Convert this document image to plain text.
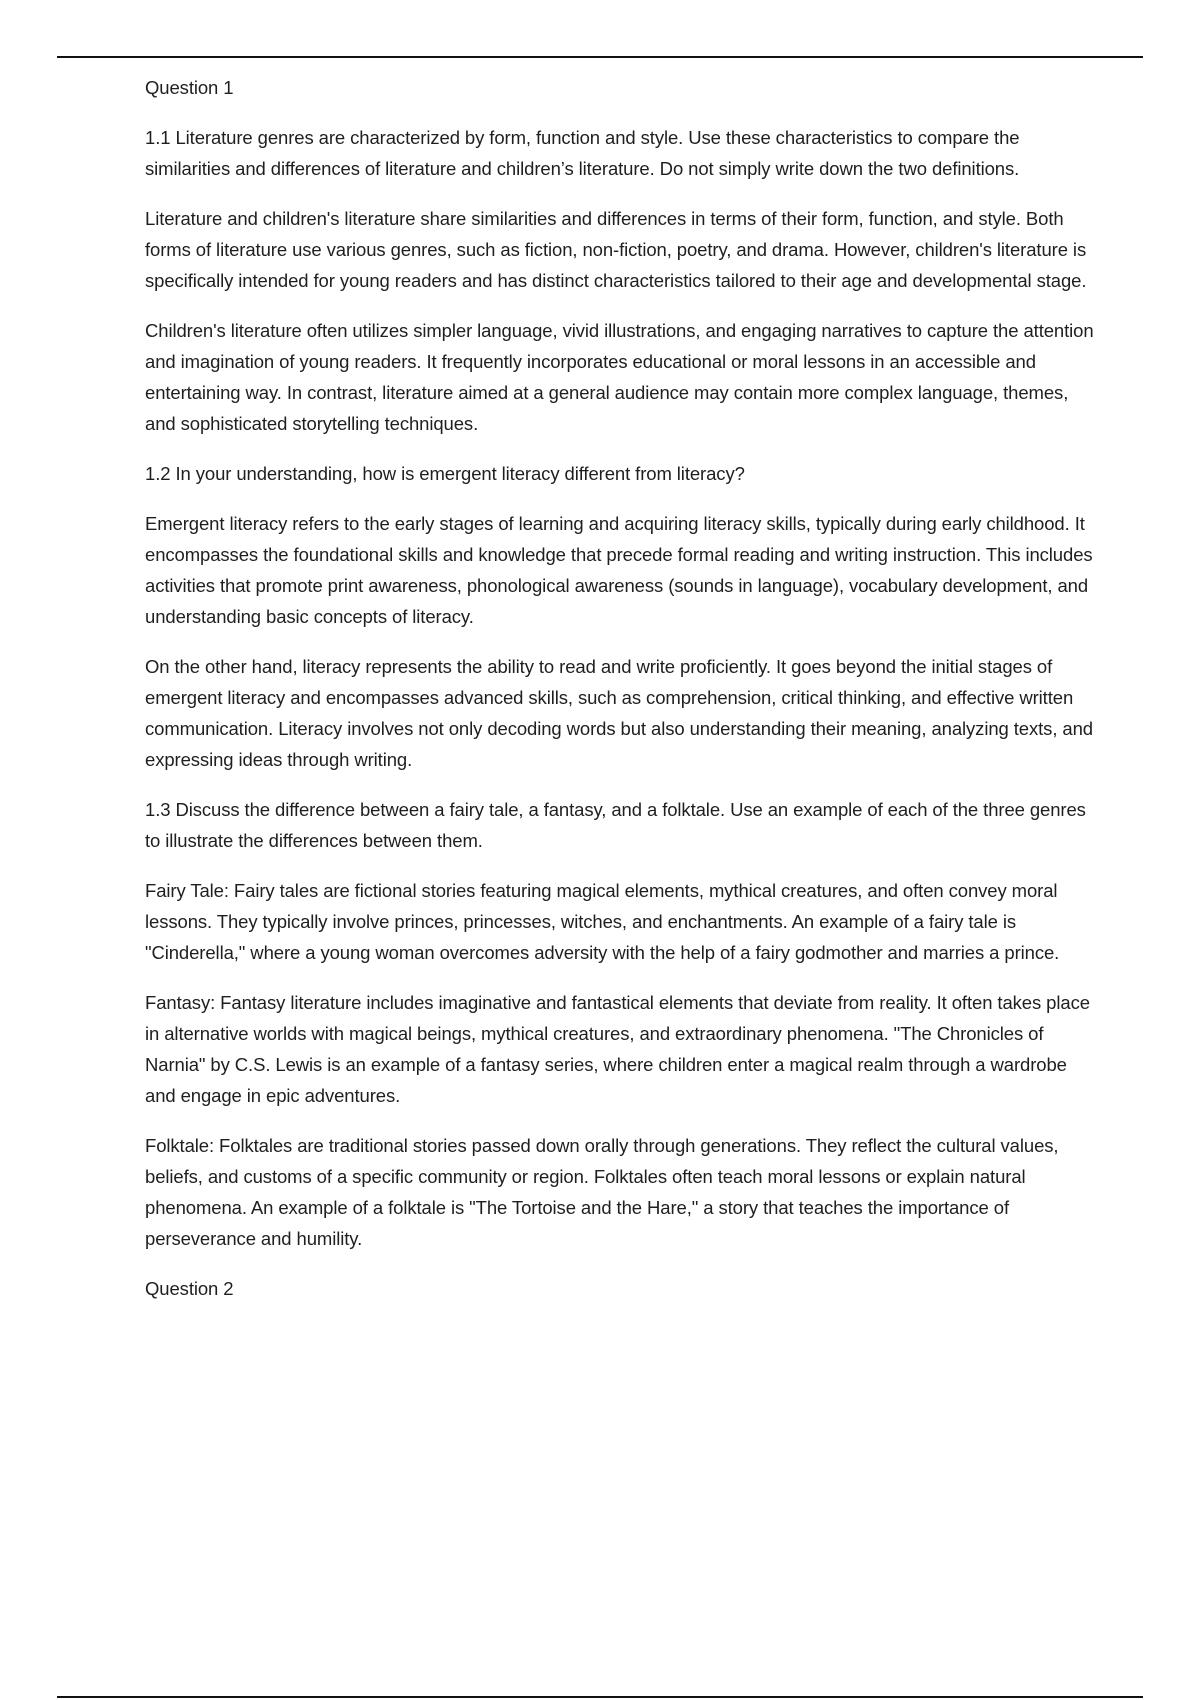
Question 1

1.1 Literature genres are characterized by form, function and style. Use these characteristics to compare the similarities and differences of literature and children’s literature. Do not simply write down the two definitions.

Literature and children's literature share similarities and differences in terms of their form, function, and style. Both forms of literature use various genres, such as fiction, non-fiction, poetry, and drama. However, children's literature is specifically intended for young readers and has distinct characteristics tailored to their age and developmental stage.

Children's literature often utilizes simpler language, vivid illustrations, and engaging narratives to capture the attention and imagination of young readers. It frequently incorporates educational or moral lessons in an accessible and entertaining way. In contrast, literature aimed at a general audience may contain more complex language, themes, and sophisticated storytelling techniques.

1.2 In your understanding, how is emergent literacy different from literacy?

Emergent literacy refers to the early stages of learning and acquiring literacy skills, typically during early childhood. It encompasses the foundational skills and knowledge that precede formal reading and writing instruction. This includes activities that promote print awareness, phonological awareness (sounds in language), vocabulary development, and understanding basic concepts of literacy.

On the other hand, literacy represents the ability to read and write proficiently. It goes beyond the initial stages of emergent literacy and encompasses advanced skills, such as comprehension, critical thinking, and effective written communication. Literacy involves not only decoding words but also understanding their meaning, analyzing texts, and expressing ideas through writing.

1.3 Discuss the difference between a fairy tale, a fantasy, and a folktale. Use an example of each of the three genres to illustrate the differences between them.

Fairy Tale: Fairy tales are fictional stories featuring magical elements, mythical creatures, and often convey moral lessons. They typically involve princes, princesses, witches, and enchantments. An example of a fairy tale is "Cinderella," where a young woman overcomes adversity with the help of a fairy godmother and marries a prince.

Fantasy: Fantasy literature includes imaginative and fantastical elements that deviate from reality. It often takes place in alternative worlds with magical beings, mythical creatures, and extraordinary phenomena. "The Chronicles of Narnia" by C.S. Lewis is an example of a fantasy series, where children enter a magical realm through a wardrobe and engage in epic adventures.

Folktale: Folktales are traditional stories passed down orally through generations. They reflect the cultural values, beliefs, and customs of a specific community or region. Folktales often teach moral lessons or explain natural phenomena. An example of a folktale is "The Tortoise and the Hare," a story that teaches the importance of perseverance and humility.

Question 2
